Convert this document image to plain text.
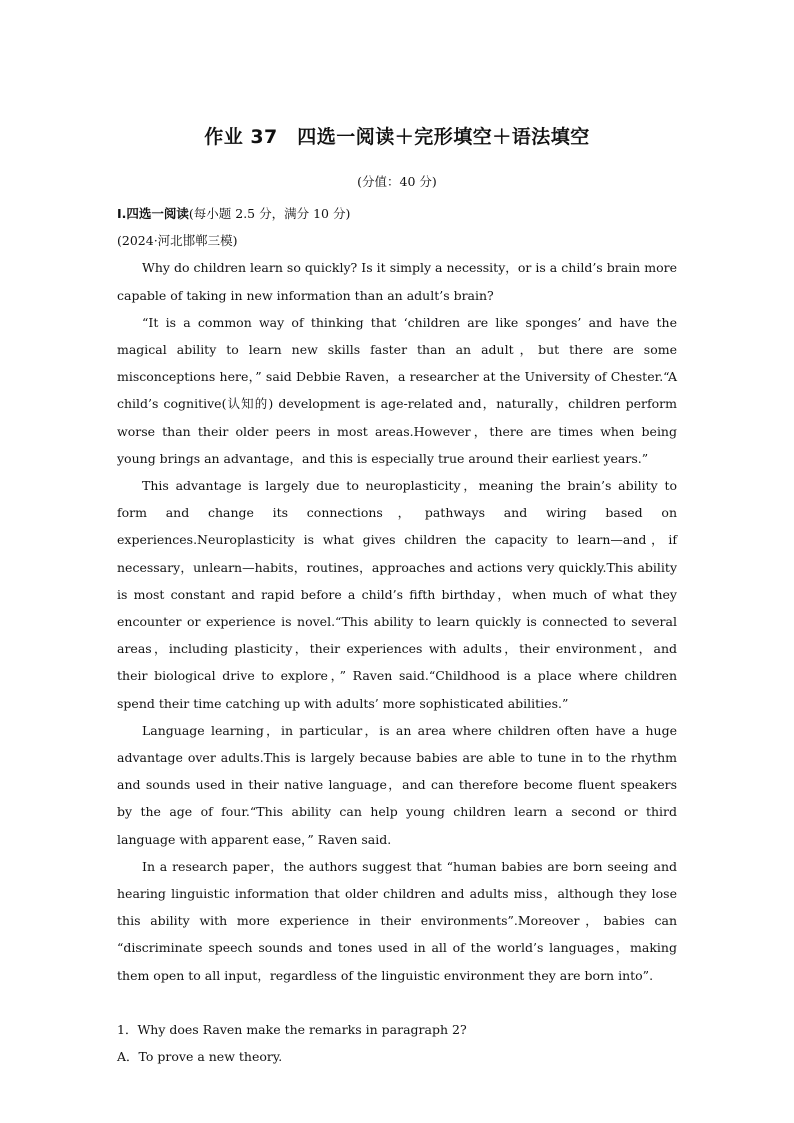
作业 37　四选一阅读＋完形填空＋语法填空
(分值：40 分)

Ⅰ.四选一阅读(每小题 2.5 分，满分 10 分)

(2024·河北邯郸三模)

Why do children learn so quickly? Is it simply a necessity，or is a child’s brain more capable of taking in new information than an adult’s brain?

“It is a common way of thinking that ‘children are like sponges’ and have the magical ability to learn new skills faster than an adult，but there are some misconceptions here，” said Debbie Raven，a researcher at the University of Chester.“A child’s cognitive(认知的) development is age-related and，naturally，children perform worse than their older peers in most areas.However，there are times when being young brings an advantage，and this is especially true around their earliest years.”

This advantage is largely due to neuroplasticity，meaning the brain’s ability to form and change its connections，pathways and wiring based on experiences.Neuroplasticity is what gives children the capacity to learn—and，if necessary，unlearn—habits，routines，approaches and actions very quickly.This ability is most constant and rapid before a child’s fifth birthday，when much of what they encounter or experience is novel.“This ability to learn quickly is connected to several areas，including plasticity，their experiences with adults，their environment，and their biological drive to explore，” Raven said.“Childhood is a place where children spend their time catching up with adults’ more sophisticated abilities.”

Language learning，in particular，is an area where children often have a huge advantage over adults.This is largely because babies are able to tune in to the rhythm and sounds used in their native language，and can therefore become fluent speakers by the age of four.“This ability can help young children learn a second or third language with apparent ease，” Raven said.

In a research paper，the authors suggest that “human babies are born seeing and hearing linguistic information that older children and adults miss，although they lose this ability with more experience in their environments”.Moreover，babies can “discriminate speech sounds and tones used in all of the world’s languages，making them open to all input，regardless of the linguistic environment they are born into”.

1．Why does Raven make the remarks in paragraph 2?

A．To prove a new theory.
